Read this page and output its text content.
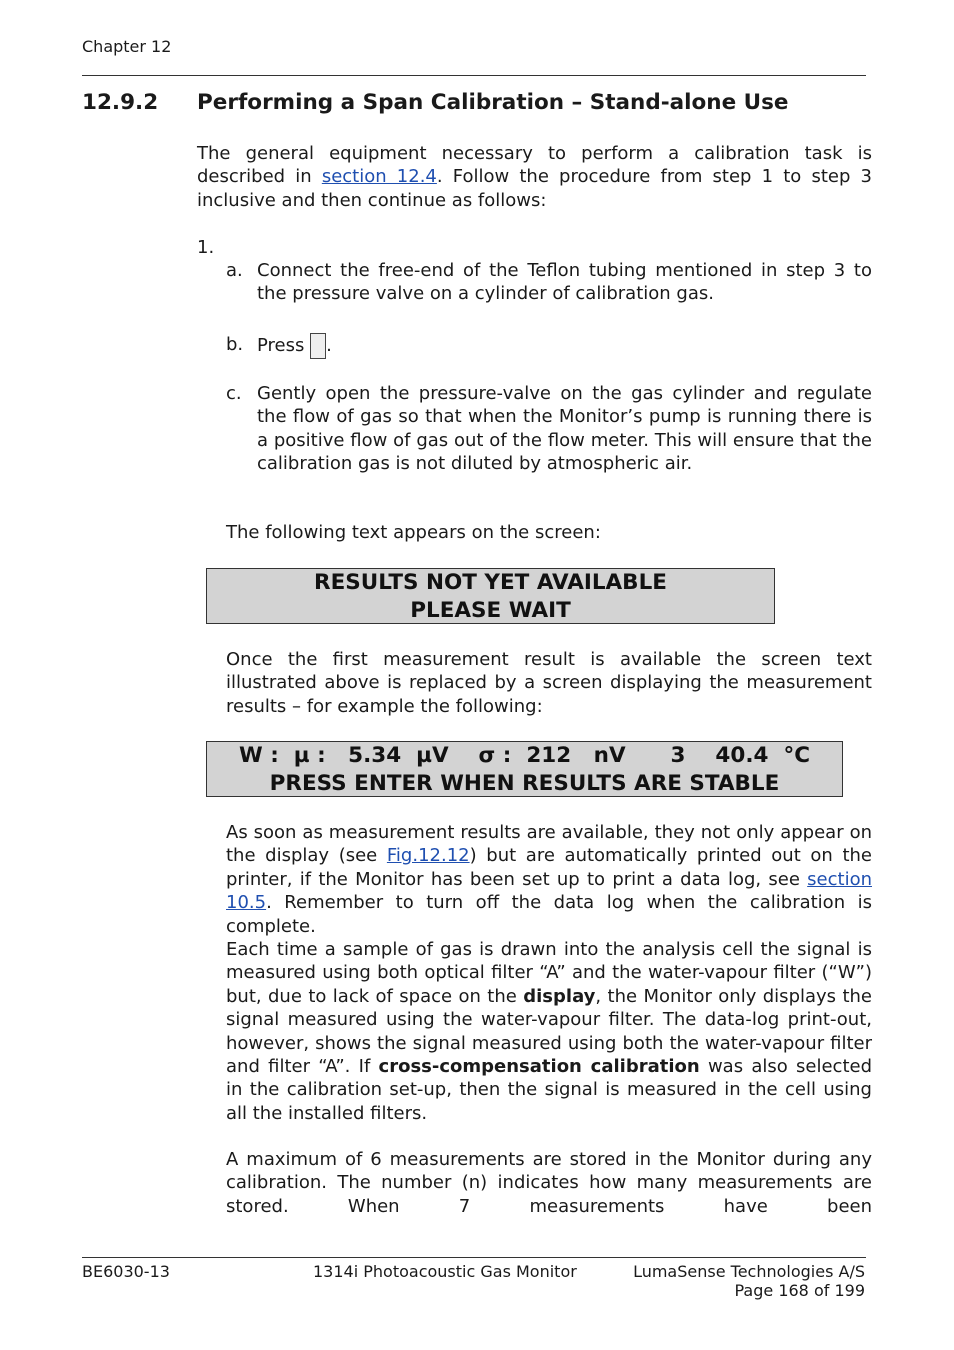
Chapter 12
12.9.2 Performing a Span Calibration – Stand-alone Use
The general equipment necessary to perform a calibration task is described in section 12.4. Follow the procedure from step 1 to step 3 inclusive and then continue as follows:
1.
a. Connect the free-end of the Teflon tubing mentioned in step 3 to the pressure valve on a cylinder of calibration gas.
b. Press .
c. Gently open the pressure-valve on the gas cylinder and regulate the flow of gas so that when the Monitor’s pump is running there is a positive flow of gas out of the flow meter. This will ensure that the calibration gas is not diluted by atmospheric air.
The following text appears on the screen:
RESULTS NOT YET AVAILABLE
PLEASE WAIT
Once the first measurement result is available the screen text illustrated above is replaced by a screen displaying the measurement results – for example the following:
W :  µ :   5.34  µV    σ :  212   nV      3    40.4  °C
PRESS ENTER WHEN RESULTS ARE STABLE
As soon as measurement results are available, they not only appear on the display (see Fig.12.12) but are automatically printed out on the printer, if the Monitor has been set up to print a data log, see section 10.5. Remember to turn off the data log when the calibration is complete.
Each time a sample of gas is drawn into the analysis cell the signal is measured using both optical filter “A” and the water-vapour filter (“W”) but, due to lack of space on the display, the Monitor only displays the signal measured using the water-vapour filter. The data-log print-out, however, shows the signal measured using both the water-vapour filter and filter “A”. If cross-compensation calibration was also selected in the calibration set-up, then the signal is measured in the cell using all the installed filters.
A maximum of 6 measurements are stored in the Monitor during any calibration. The number (n) indicates how many measurements are stored. When 7 measurements have been
BE6030-13	1314i Photoacoustic Gas Monitor	LumaSense Technologies A/S
Page 168 of 199
